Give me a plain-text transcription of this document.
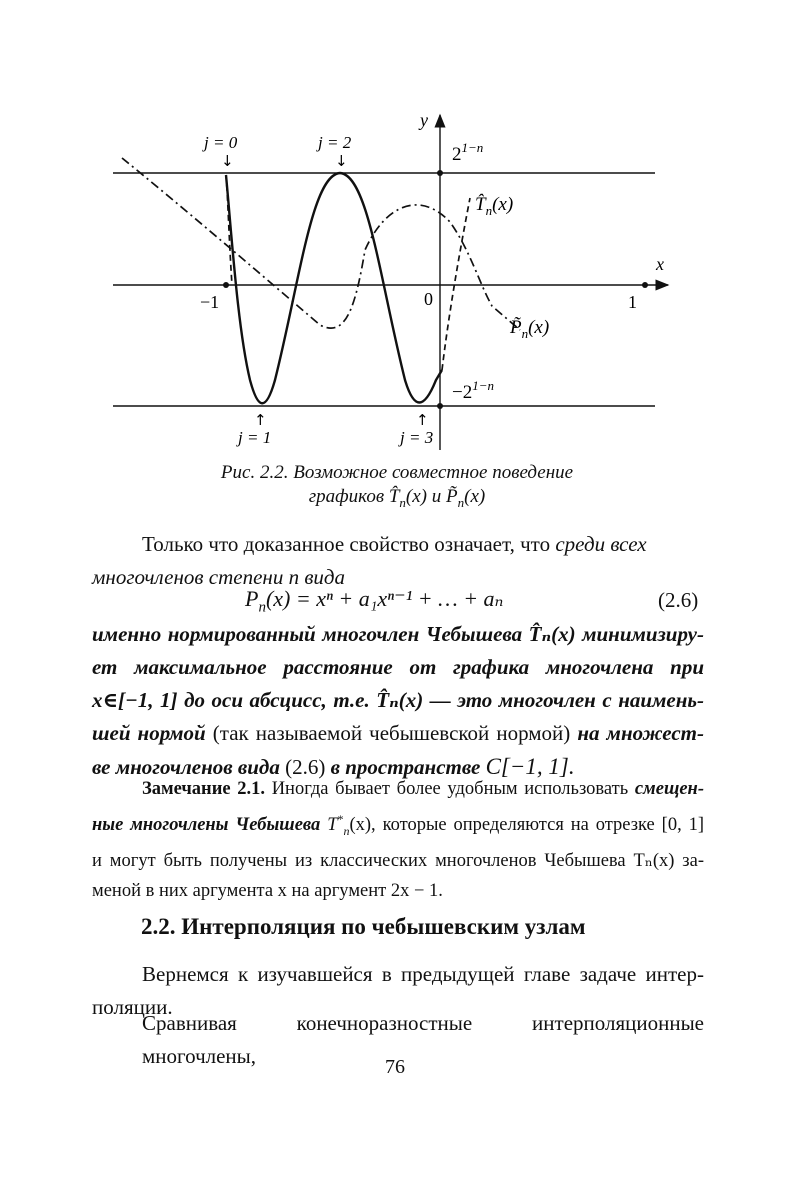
y
x
−1	0	1
$2^{1-n}$
$-2^{1-n}$
$T̂_n(x)$
$P̃_n(x)$
j = 0
↓
j = 2
↓
↑
j = 1
↑
j = 3
Рис. 2.2. Возможное совместное поведение
графиков $T̂_n(x)$ и $P̃_n(x)$
Только что доказанное свойство означает, что среди всех
многочленов степени n вида
$P_n(x) = x^n + a_1x^{n-1}$ + … + aₙ	(2.6)
именно нормированный многочлен Чебышева T̂ₙ(x) минимизиру-
ет максимальное расстояние от графика многочлена при
x∈[−1, 1] до оси абсцисс, т.е. T̂ₙ(x) — это многочлен с наимень-
шей нормой (так называемой чебышевской нормой) на множест-
ве многочленов вида (2.6) в пространстве C[−1, 1].
Замечание 2.1. Иногда бывает более удобным использовать смещен-
ные многочлены Чебышева $T^*_n(x)$, которые определяются на отрезке [0, 1]
и могут быть получены из классических многочленов Чебышева Tₙ(x) за-
меной в них аргумента x на аргумент 2x − 1.
2.2. Интерполяция по чебышевским узлам
Вернемся к изучавшейся в предыдущей главе задаче интер-
поляции.
Сравнивая конечноразностные интерполяционные многочлены,	76
